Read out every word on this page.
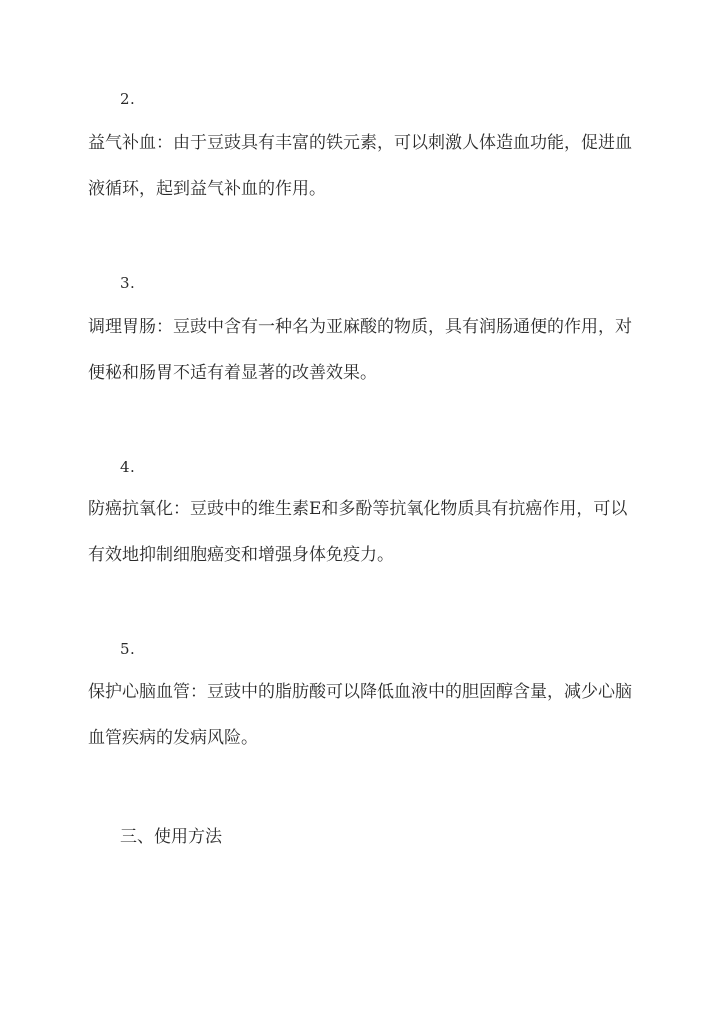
2.
益气补血：由于豆豉具有丰富的铁元素，可以刺激人体造血功能，促进血
液循环，起到益气补血的作用。
3.
调理胃肠：豆豉中含有一种名为亚麻酸的物质，具有润肠通便的作用，对
便秘和肠胃不适有着显著的改善效果。
4.
防癌抗氧化：豆豉中的维生素E和多酚等抗氧化物质具有抗癌作用，可以
有效地抑制细胞癌变和增强身体免疫力。
5.
保护心脑血管：豆豉中的脂肪酸可以降低血液中的胆固醇含量，减少心脑
血管疾病的发病风险。
三、使用方法
